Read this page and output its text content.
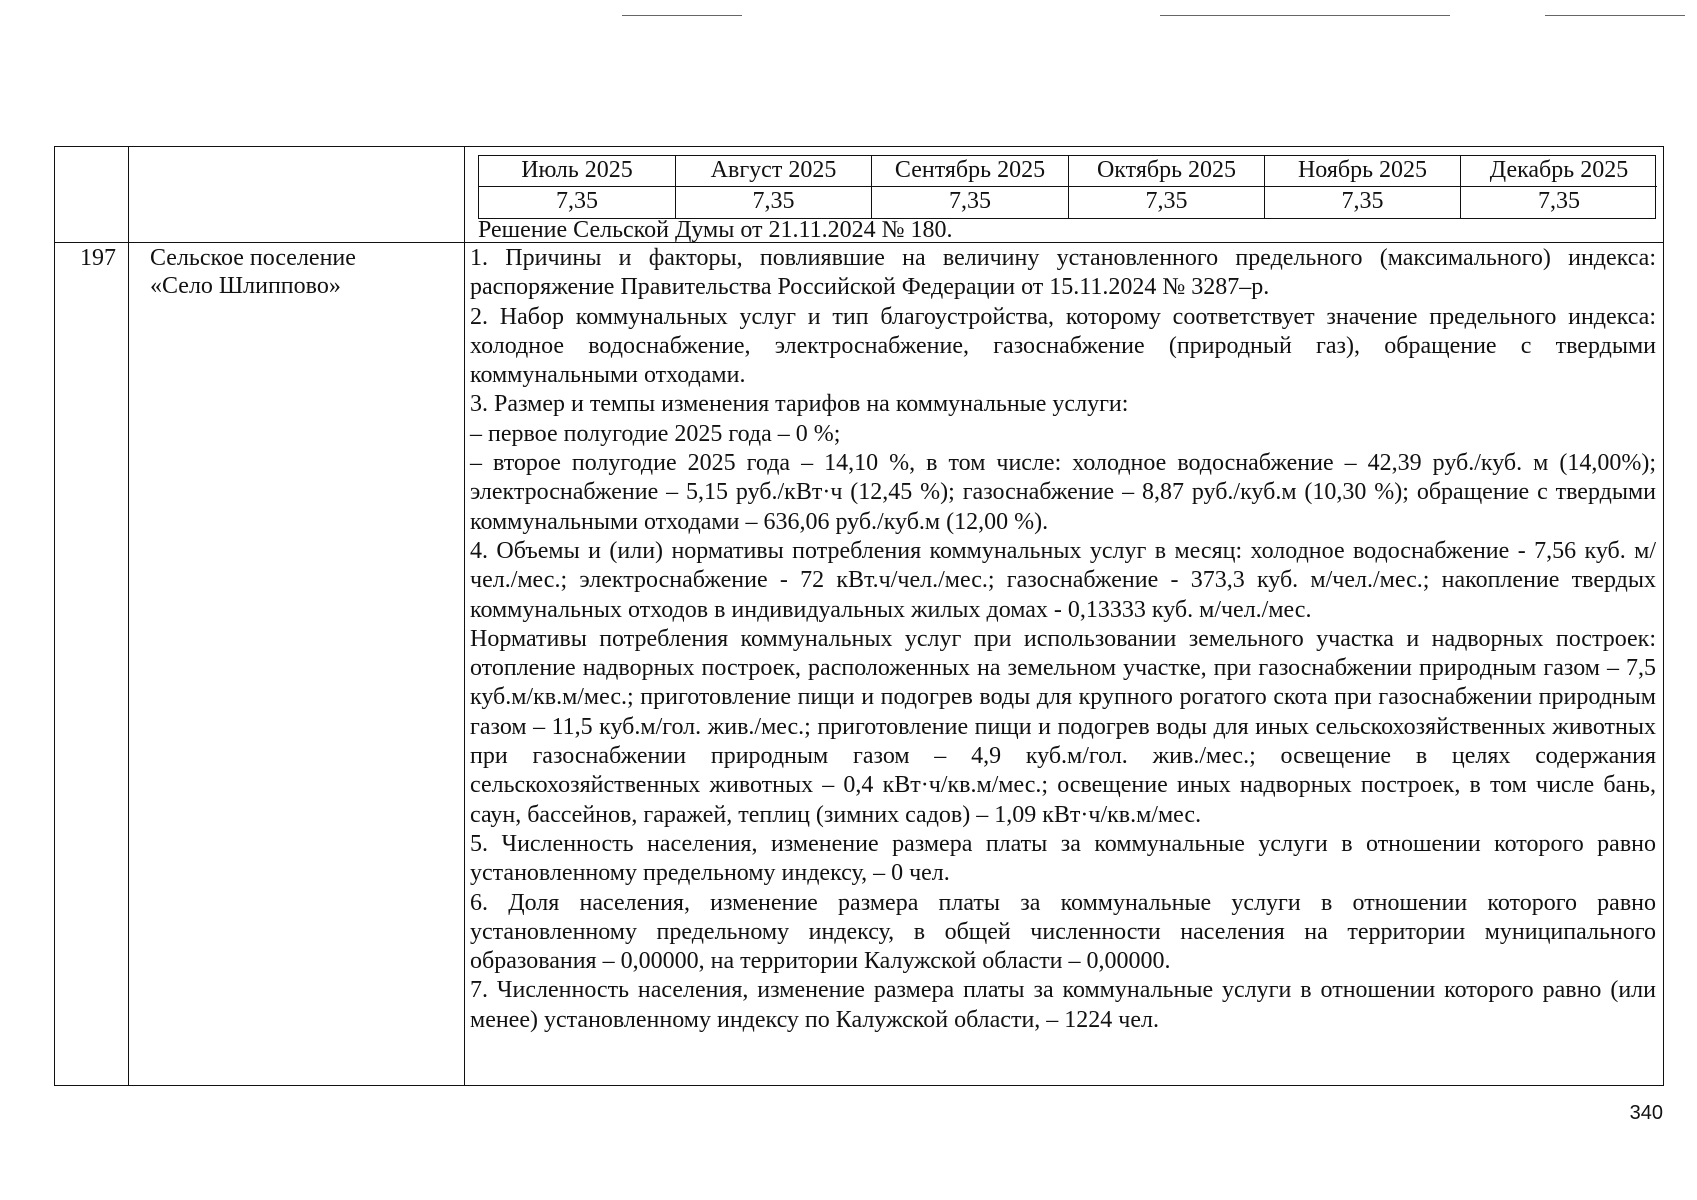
Июль 2025	Август 2025	Сентябрь 2025	Октябрь 2025	Ноябрь 2025	Декабрь 2025
7,35	7,35	7,35	7,35	7,35	7,35
Решение Сельской Думы от 21.11.2024 № 180.
197 Сельское поселение
«Село Шлиппово»

1. Причины и факторы, повлиявшие на величину установленного предельного (максимального) индекса: распоряжение Правительства Российской Федерации от 15.11.2024 № 3287–р.

2. Набор коммунальных услуг и тип благоустройства, которому соответствует значение предельного индекса: холодное водоснабжение, электроснабжение, газоснабжение (природный газ), обращение с твердыми коммунальными отходами.

3. Размер и темпы изменения тарифов на коммунальные услуги:

– первое полугодие 2025 года – 0 %;

– второе полугодие 2025 года – 14,10 %, в том числе: холодное водоснабжение – 42,39 руб./куб. м (14,00%); электроснабжение – 5,15 руб./кВт·ч (12,45 %); газоснабжение – 8,87 руб./куб.м (10,30 %); обращение с твердыми коммунальными отходами – 636,06 руб./куб.м (12,00 %).

4. Объемы и (или) нормативы потребления коммунальных услуг в месяц: холодное водоснабжение - 7,56 куб. м/чел./мес.; электроснабжение - 72 кВт.ч/чел./мес.; газоснабжение - 373,3 куб. м/чел./мес.; накопление твердых коммунальных отходов в индивидуальных жилых домах - 0,13333 куб. м/чел./мес.

Нормативы потребления коммунальных услуг при использовании земельного участка и надворных построек: отопление надворных построек, расположенных на земельном участке, при газоснабжении природным газом – 7,5 куб.м/кв.м/мес.; приготовление пищи и подогрев воды для крупного рогатого скота при газоснабжении природным газом – 11,5 куб.м/гол. жив./мес.; приготовление пищи и подогрев воды для иных сельскохозяйственных животных при газоснабжении природным газом – 4,9 куб.м/гол. жив./мес.; освещение в целях содержания сельскохозяйственных животных – 0,4 кВт·ч/кв.м/мес.; освещение иных надворных построек, в том числе бань, саун, бассейнов, гаражей, теплиц (зимних садов) – 1,09 кВт·ч/кв.м/мес.

5. Численность населения, изменение размера платы за коммунальные услуги в отношении которого равно установленному предельному индексу, – 0 чел.

6. Доля населения, изменение размера платы за коммунальные услуги в отношении которого равно установленному предельному индексу, в общей численности населения на территории муниципального образования – 0,00000, на территории Калужской области – 0,00000.

7. Численность населения, изменение размера платы за коммунальные услуги в отношении которого равно (или менее) установленному индексу по Калужской области, – 1224 чел.

340
